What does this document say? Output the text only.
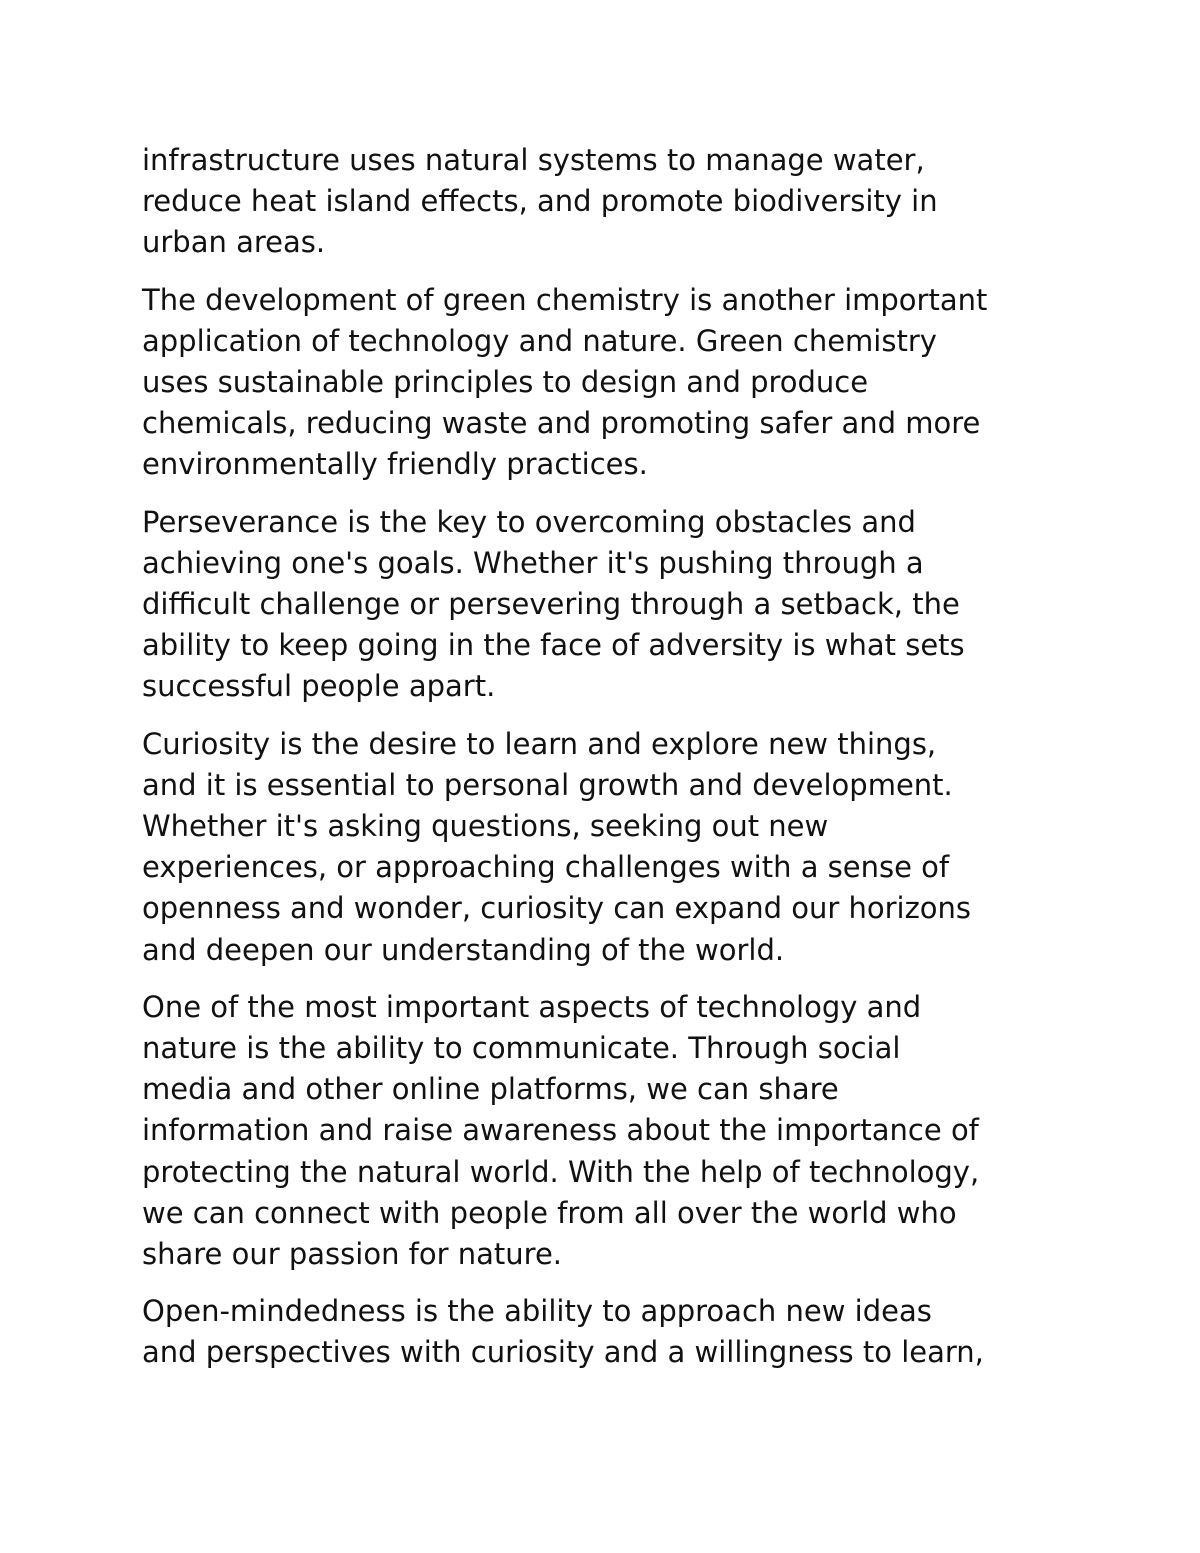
infrastructure uses natural systems to manage water,
reduce heat island effects, and promote biodiversity in
urban areas.

The development of green chemistry is another important
application of technology and nature. Green chemistry
uses sustainable principles to design and produce
chemicals, reducing waste and promoting safer and more
environmentally friendly practices.

Perseverance is the key to overcoming obstacles and
achieving one's goals. Whether it's pushing through a
difficult challenge or persevering through a setback, the
ability to keep going in the face of adversity is what sets
successful people apart.

Curiosity is the desire to learn and explore new things,
and it is essential to personal growth and development.
Whether it's asking questions, seeking out new
experiences, or approaching challenges with a sense of
openness and wonder, curiosity can expand our horizons
and deepen our understanding of the world.

One of the most important aspects of technology and
nature is the ability to communicate. Through social
media and other online platforms, we can share
information and raise awareness about the importance of
protecting the natural world. With the help of technology,
we can connect with people from all over the world who
share our passion for nature.

Open-mindedness is the ability to approach new ideas
and perspectives with curiosity and a willingness to learn,
